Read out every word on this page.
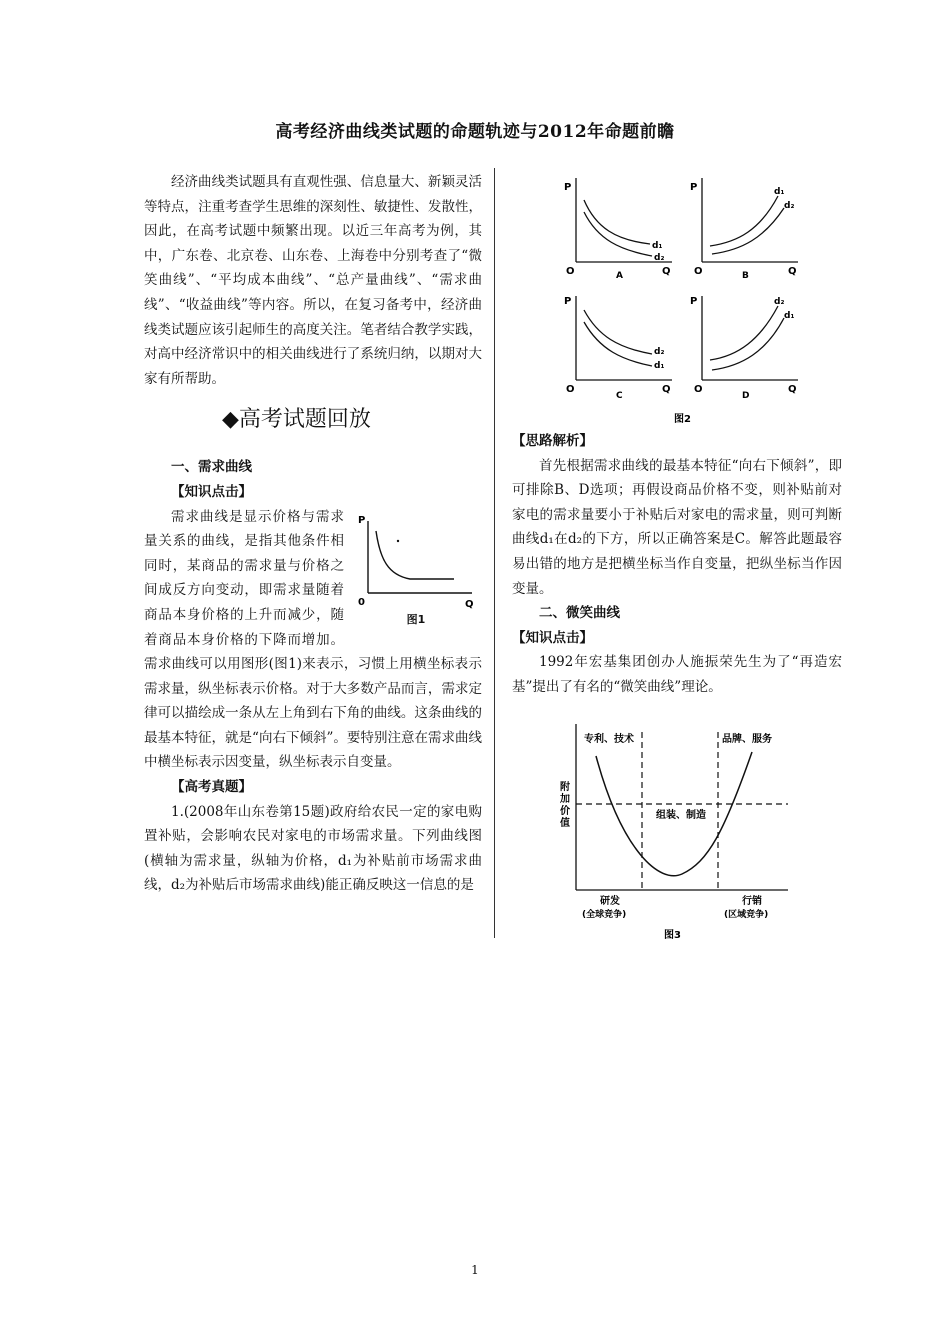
高考经济曲线类试题的命题轨迹与2012年命题前瞻

经济曲线类试题具有直观性强、信息量大、新颖灵活等特点，注重考查学生思维的深刻性、敏捷性、发散性，因此，在高考试题中频繁出现。以近三年高考为例，其中，广东卷、北京卷、山东卷、上海卷中分别考查了“微笑曲线”、“平均成本曲线”、“总产量曲线”、“需求曲线”、“收益曲线”等内容。所以，在复习备考中，经济曲线类试题应该引起师生的高度关注。笔者结合教学实践，对高中经济常识中的相关曲线进行了系统归纳，以期对大家有所帮助。

◆高考试题回放

一、需求曲线

【知识点击】

P
0	Q
图1

需求曲线是显示价格与需求量关系的曲线，是指其他条件相同时，某商品的需求量与价格之间成反方向变动，即需求量随着商品本身价格的上升而减少，随着商品本身价格的下降而增加。需求曲线可以用图形(图1)来表示，习惯上用横坐标表示需求量，纵坐标表示价格。对于大多数产品而言，需求定律可以描绘成一条从左上角到右下角的曲线。这条曲线的最基本特征，就是“向右下倾斜”。要特别注意在需求曲线中横坐标表示因变量，纵坐标表示自变量。

【高考真题】

1.(2008年山东卷第15题)政府给农民一定的家电购置补贴，会影响农民对家电的市场需求量。下列曲线图(横轴为需求量，纵轴为价格，d₁为补贴前市场需求曲线，d₂为补贴后市场需求曲线)能正确反映这一信息的是

P
O	Q
A
d₁
d₂
P
O	Q
B
d₁
d₂
P
O	Q
C
d₂
d₁
P
O	Q
D
d₂
d₁
图2

【思路解析】

首先根据需求曲线的最基本特征“向右下倾斜”，即可排除B、D选项；再假设商品价格不变，则补贴前对家电的需求量要小于补贴后对家电的需求量，则可判断曲线d₁在d₂的下方，所以正确答案是C。解答此题最容易出错的地方是把横坐标当作自变量，把纵坐标当作因变量。

二、微笑曲线

【知识点击】

1992年宏基集团创办人施振荣先生为了“再造宏基”提出了有名的“微笑曲线”理论。

专利、技术	品牌、服务
组装、制造
附
加
价
值
研发
(全球竞争)
行销
(区域竞争)
图3
1
